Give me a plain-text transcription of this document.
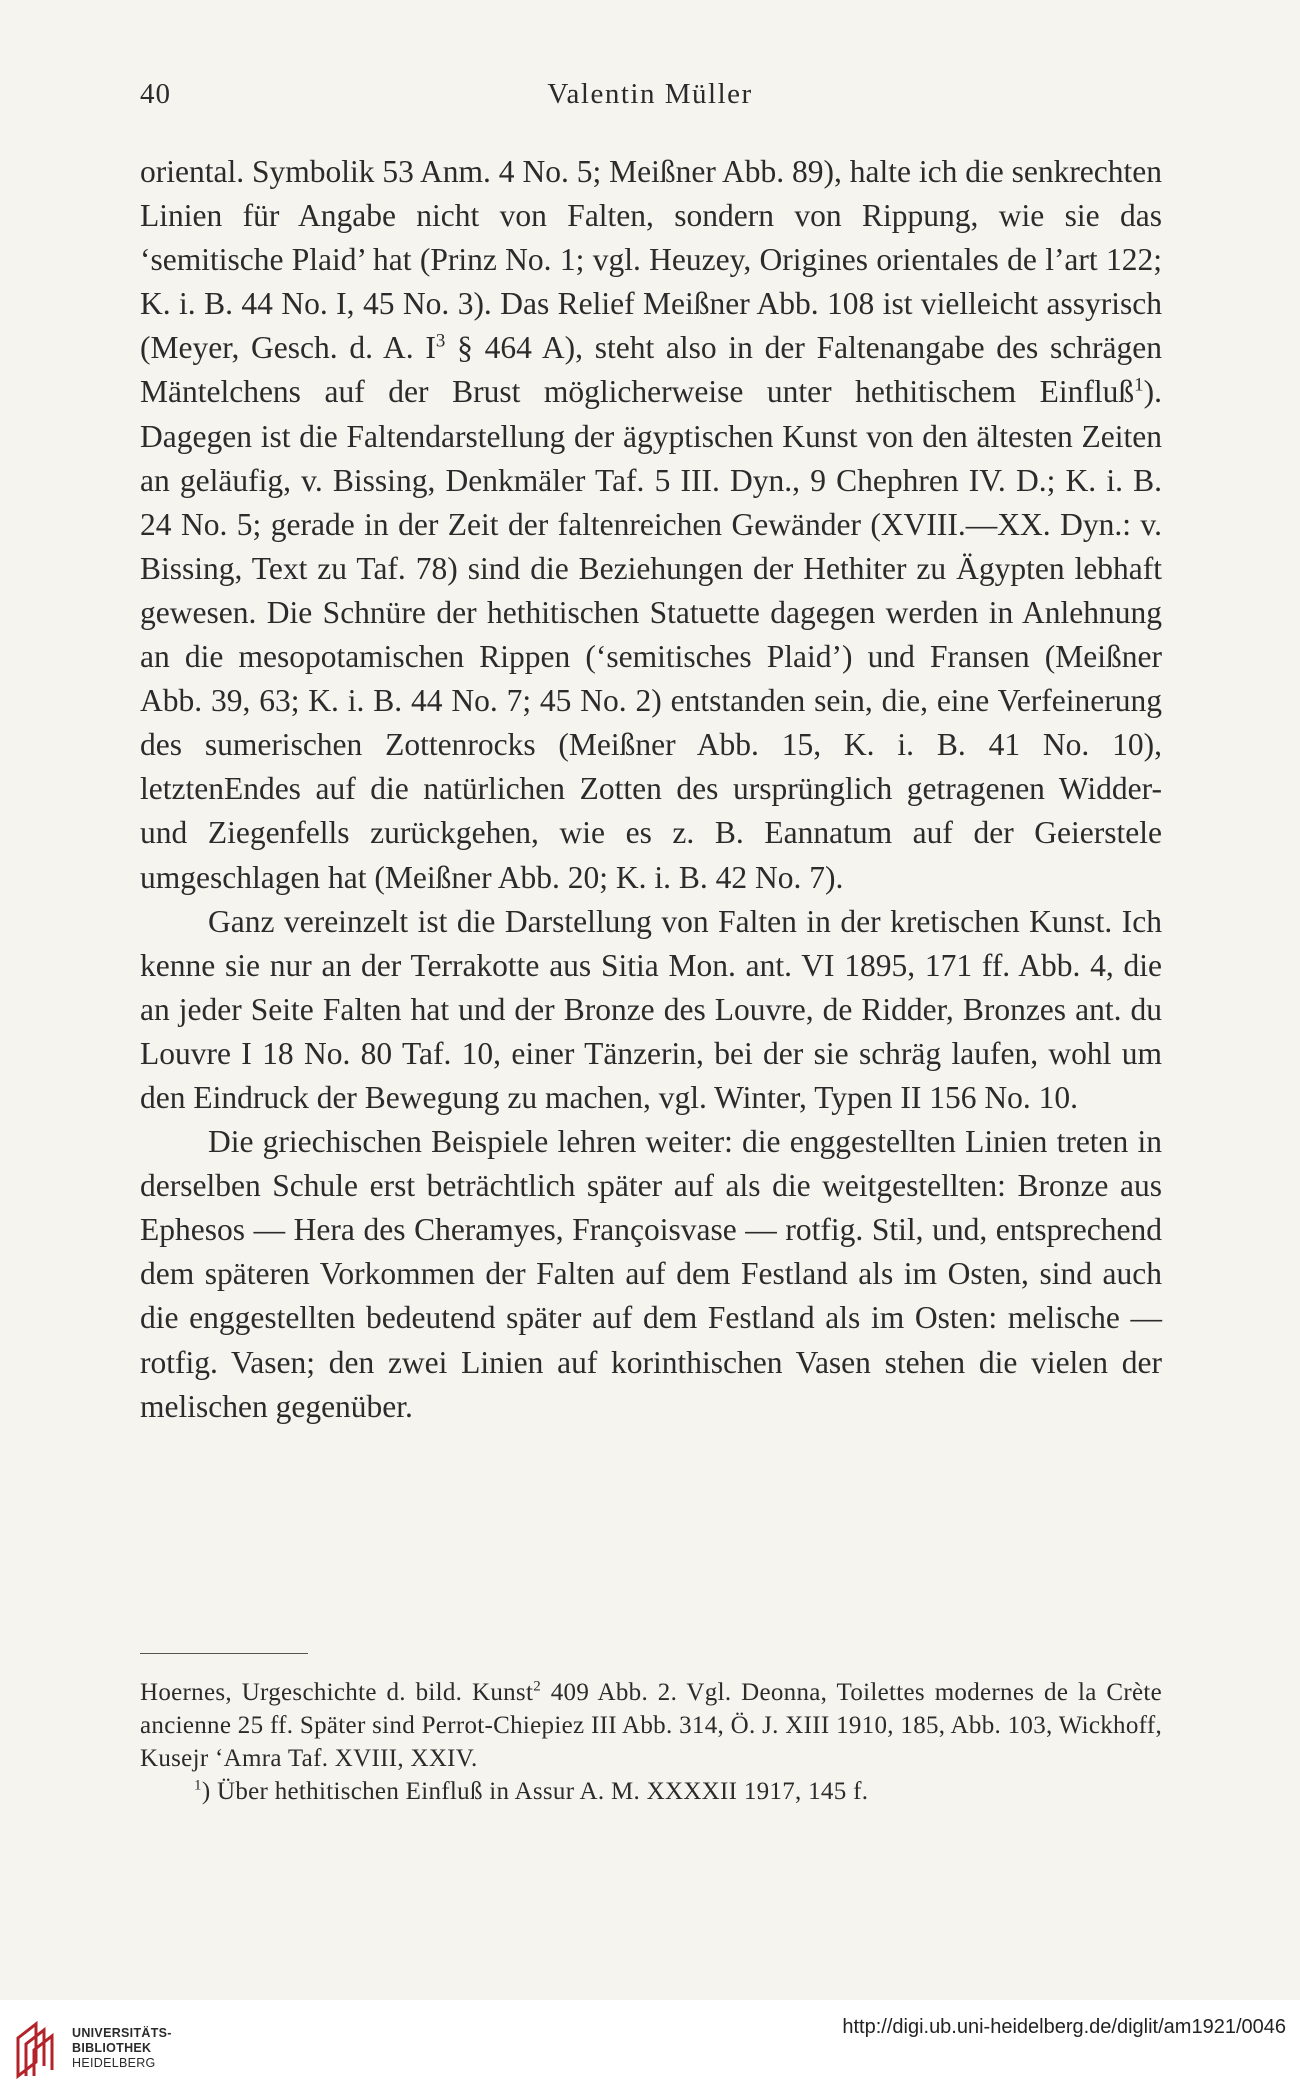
40	Valentin Müller

oriental. Symbolik 53 Anm. 4 No. 5; Meißner Abb. 89), halte ich die senkrechten Linien für Angabe nicht von Falten, sondern von Rippung, wie sie das ‘semitische Plaid’ hat (Prinz No. 1; vgl. Heuzey, Origines orientales de l’art 122; K. i. B. 44 No. I, 45 No. 3). Das Relief Meißner Abb. 108 ist vielleicht assyrisch (Meyer, Gesch. d. A. $I^3$ § 464 A), steht also in der Faltenangabe des schrägen Mäntelchens auf der Brust möglicherweise unter hethitischem Einfluß$^1$). Dagegen ist die Faltendarstellung der ägyptischen Kunst von den ältesten Zeiten an geläufig, v. Bissing, Denkmäler Taf. 5 III. Dyn., 9 Chephren IV. D.; K. i. B. 24 No. 5; gerade in der Zeit der faltenreichen Gewänder (XVIII.—XX. Dyn.: v. Bissing, Text zu Taf. 78) sind die Beziehungen der Hethiter zu Ägypten lebhaft gewesen. Die Schnüre der hethitischen Statuette dagegen werden in Anlehnung an die mesopotamischen Rippen (‘semitisches Plaid’) und Fransen (Meißner Abb. 39, 63; K. i. B. 44 No. 7; 45 No. 2) entstanden sein, die, eine Verfeinerung des sumerischen Zottenrocks (Meißner Abb. 15, K. i. B. 41 No. 10), letztenEndes auf die natürlichen Zotten des ursprünglich getragenen Widder- und Ziegenfells zurückgehen, wie es z. B. Eannatum auf der Geierstele umgeschlagen hat (Meißner Abb. 20; K. i. B. 42 No. 7).

Ganz vereinzelt ist die Darstellung von Falten in der kretischen Kunst. Ich kenne sie nur an der Terrakotte aus Sitia Mon. ant. VI 1895, 171 ff. Abb. 4, die an jeder Seite Falten hat und der Bronze des Louvre, de Ridder, Bronzes ant. du Louvre I 18 No. 80 Taf. 10, einer Tänzerin, bei der sie schräg laufen, wohl um den Eindruck der Bewegung zu machen, vgl. Winter, Typen II 156 No. 10.

Die griechischen Beispiele lehren weiter: die enggestellten Linien treten in derselben Schule erst beträchtlich später auf als die weitgestellten: Bronze aus Ephesos — Hera des Cheramyes, Françoisvase — rotfig. Stil, und, entsprechend dem späteren Vorkommen der Falten auf dem Festland als im Osten, sind auch die enggestellten bedeutend später auf dem Festland als im Osten: melische — rotfig. Vasen; den zwei Linien auf korinthischen Vasen stehen die vielen der melischen gegenüber.

Hoernes, Urgeschichte d. bild. Kunst$^2$ 409 Abb. 2. Vgl. Deonna, Toilettes modernes de la Crète ancienne 25 ff. Später sind Perrot-Chiepiez III Abb. 314, Ö. J. XIII 1910, 185, Abb. 103, Wickhoff, Kusejr ‘Amra Taf. XVIII, XXIV.

$^1$) Über hethitischen Einfluß in Assur A. M. XXXXII 1917, 145 f.

UNIVERSITÄTS-
BIBLIOTHEK
HEIDELBERG
http://digi.ub.uni-heidelberg.de/diglit/am1921/0046
